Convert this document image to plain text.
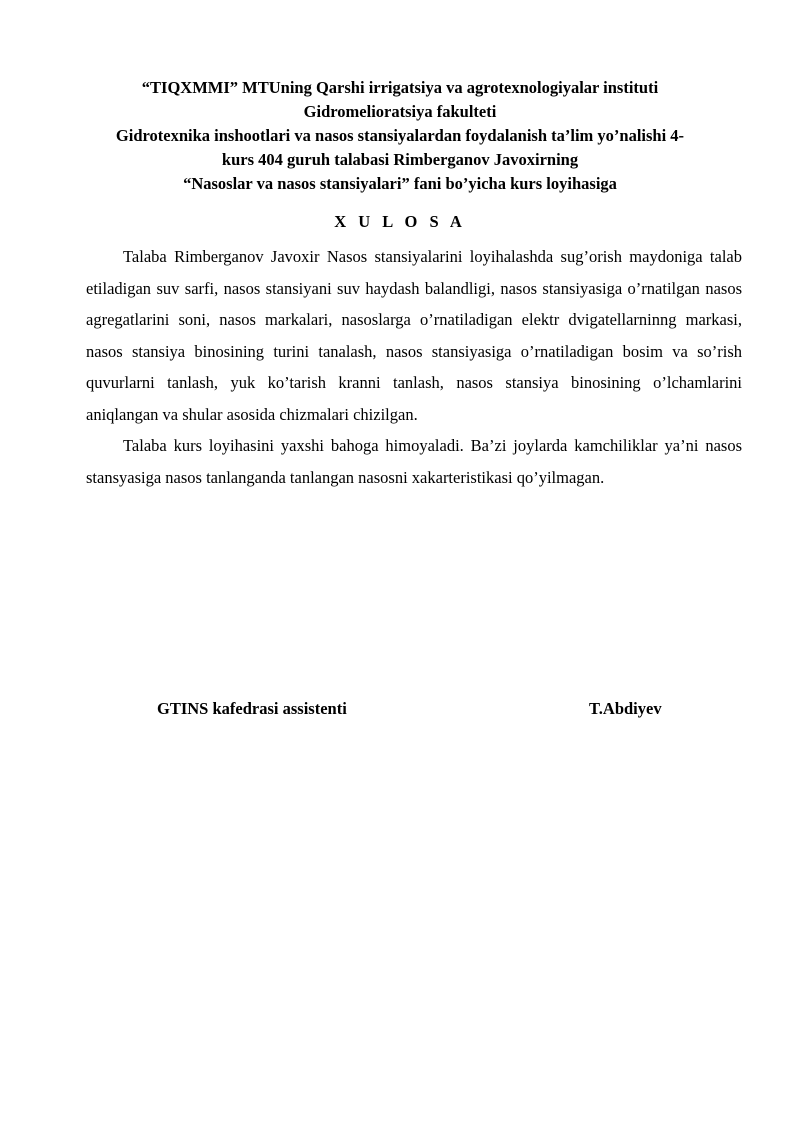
“TIQXMMI” MTUning Qarshi irrigatsiya va agrotexnologiyalar instituti
Gidromelioratsiya fakulteti
Gidrotexnika inshootlari va nasos stansiyalardan foydalanish ta’lim yo’nalishi 4-
kurs 404 guruh talabasi Rimberganov Javoxirning
“Nasoslar va nasos stansiyalari” fani bo’yicha kurs loyihasiga
X U L O S A

Talaba Rimberganov Javoxir Nasos stansiyalarini loyihalashda sug’orish maydoniga talab etiladigan suv sarfi, nasos stansiyani suv haydash balandligi, nasos stansiyasiga o’rnatilgan nasos agregatlarini soni, nasos markalari, nasoslarga o’rnatiladigan elektr dvigatellarninng markasi, nasos stansiya binosining turini tanalash, nasos stansiyasiga o’rnatiladigan bosim va so’rish quvurlarni tanlash, yuk ko’tarish kranni tanlash, nasos stansiya binosining o’lchamlarini aniqlangan va shular asosida chizmalari chizilgan.

Talaba kurs loyihasini yaxshi bahoga himoyaladi. Ba’zi joylarda kamchiliklar ya’ni nasos stansyasiga nasos tanlanganda tanlangan nasosni xakarteristikasi qo’yilmagan.

GTINS kafedrasi assistenti	T.Abdiyev
